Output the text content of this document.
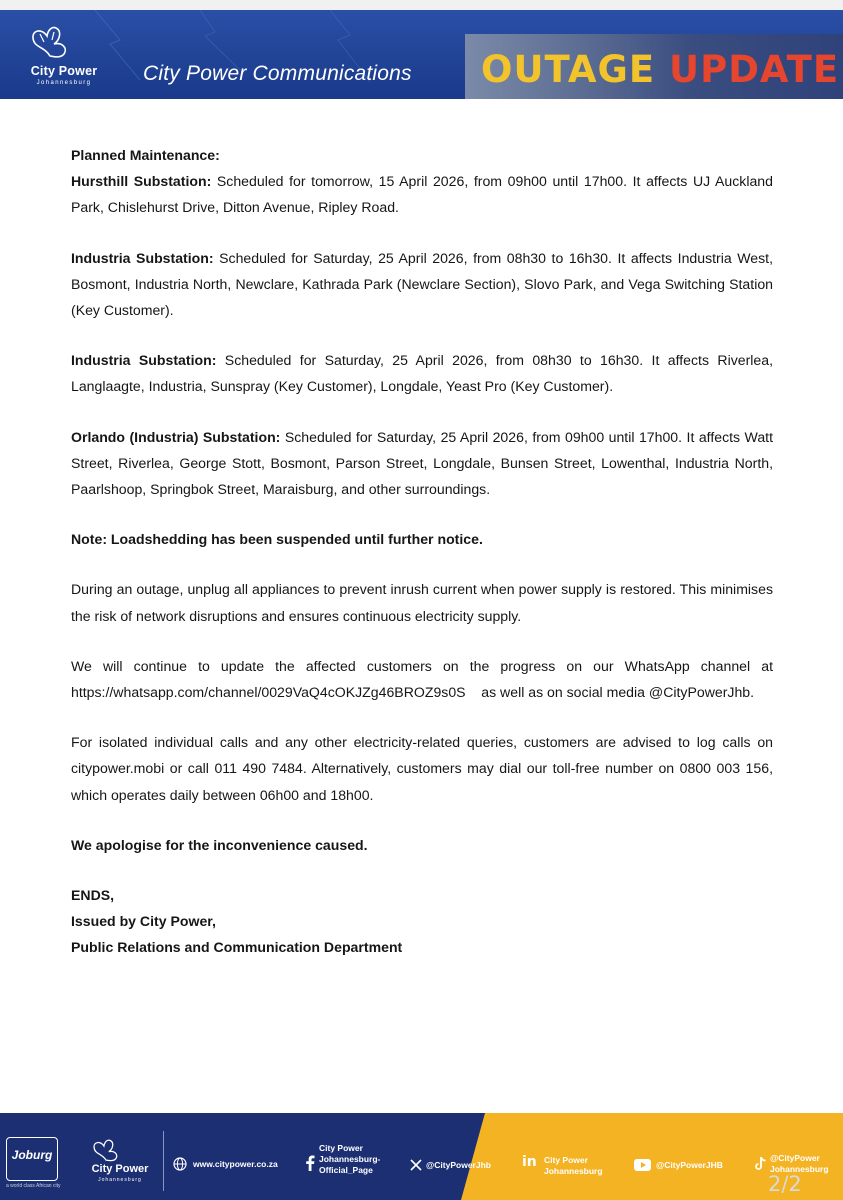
City Power
Johannesburg	City Power Communications OUTAGE UPDATE

Planned Maintenance:

Hursthill Substation: Scheduled for tomorrow, 15 April 2026, from 09h00 until 17h00. It affects UJ Auckland Park, Chislehurst Drive, Ditton Avenue, Ripley Road.

Industria Substation: Scheduled for Saturday, 25 April 2026, from 08h30 to 16h30. It affects Industria West, Bosmont, Industria North, Newclare, Kathrada Park (Newclare Section), Slovo Park, and Vega Switching Station (Key Customer).

Industria Substation: Scheduled for Saturday, 25 April 2026, from 08h30 to 16h30. It affects Riverlea, Langlaagte, Industria, Sunspray (Key Customer), Longdale, Yeast Pro (Key Customer).

Orlando (Industria) Substation: Scheduled for Saturday, 25 April 2026, from 09h00 until 17h00. It affects Watt Street, Riverlea, George Stott, Bosmont, Parson Street, Longdale, Bunsen Street, Lowenthal, Industria North, Paarlshoop, Springbok Street, Maraisburg, and other surroundings.

Note: Loadshedding has been suspended until further notice.

During an outage, unplug all appliances to prevent inrush current when power supply is restored. This minimises the risk of network disruptions and ensures continuous electricity supply.

We will continue to update the affected customers on the progress on our WhatsApp channel at https://whatsapp.com/channel/0029VaQ4cOKJZg46BROZ9s0S as well as on social media @CityPowerJhb.

For isolated individual calls and any other electricity-related queries, customers are advised to log calls on citypower.mobi or call 011 490 7484. Alternatively, customers may dial our toll-free number on 0800 003 156, which operates daily between 06h00 and 18h00.

We apologise for the inconvenience caused.

ENDS,

Issued by City Power,

Public Relations and Communication Department

Joburg
a world class African city
City Power
Johannesburg
www.citypower.co.za
City Power
Johannesburg-
Official_Page	@CityPowerJhb in City Power
Johannesburg
@CityPowerJHB
@CityPower
Johannesburg
2/2
